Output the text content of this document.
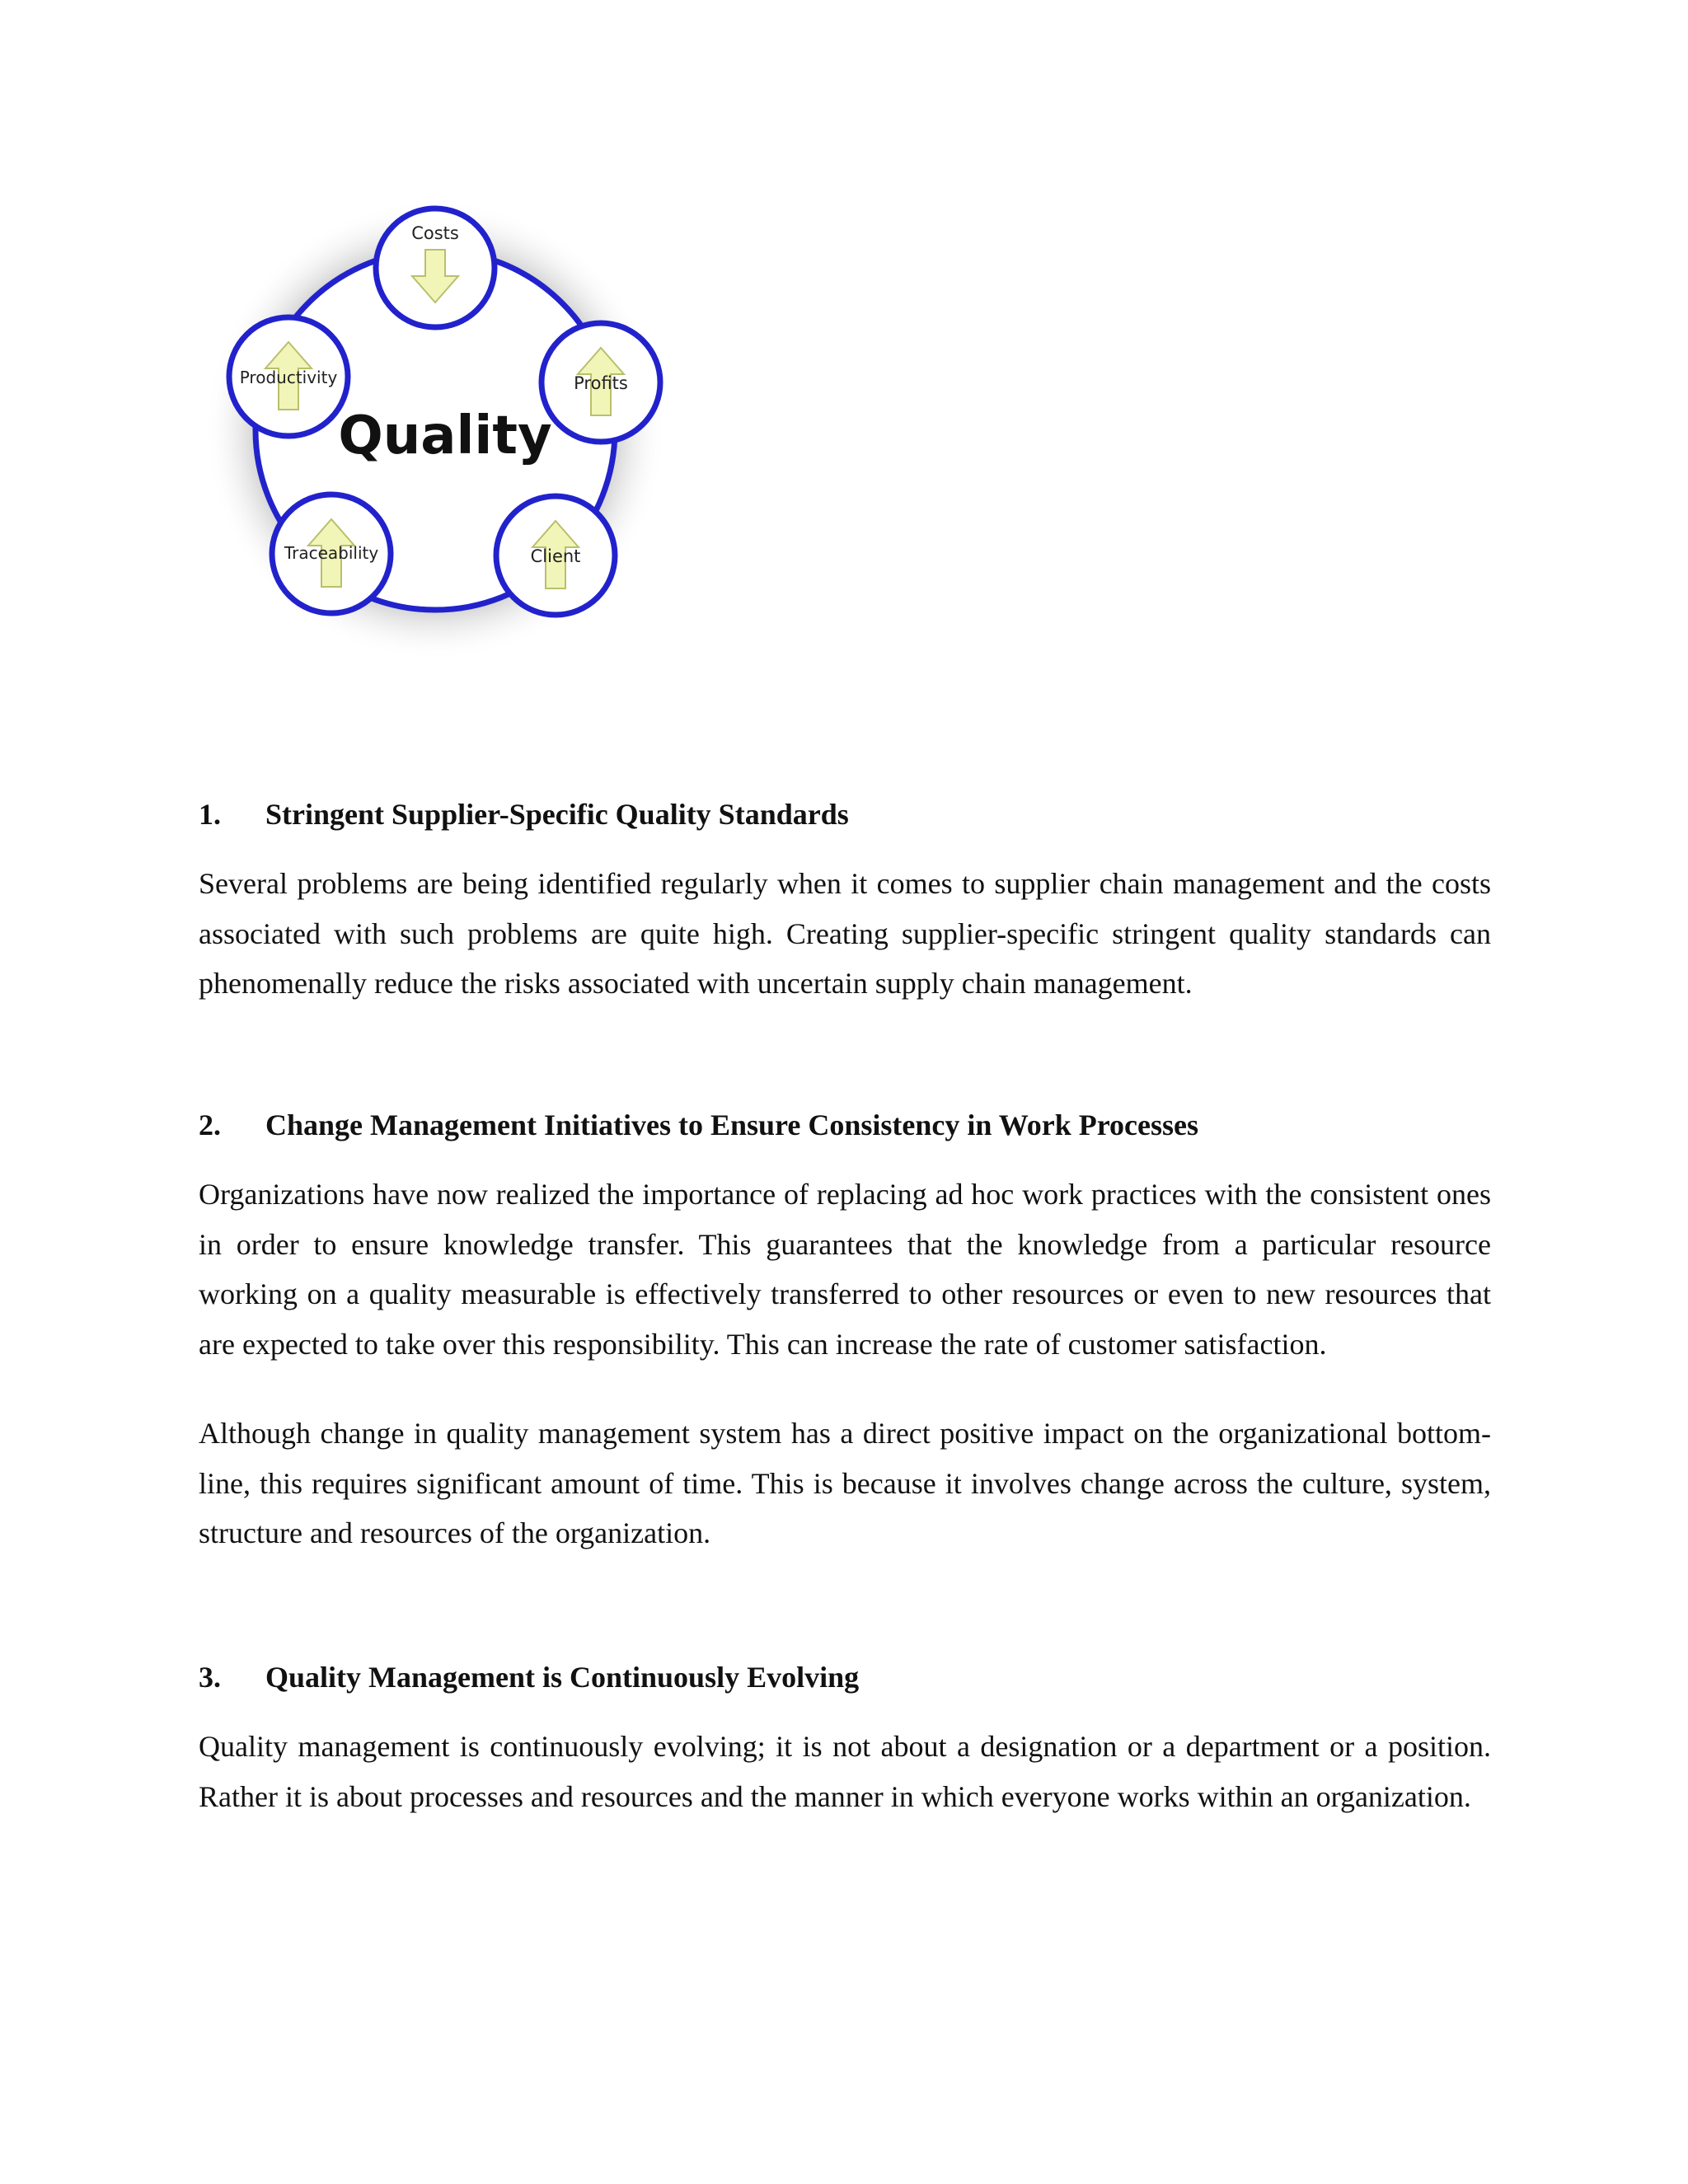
Quality
Costs
Profits
Client
Traceability
Productivity
1.	Stringent Supplier-Specific Quality Standards

Several problems are being identified regularly when it comes to supplier chain management and the costs associated with such problems are quite high. Creating supplier-specific stringent quality standards can phenomenally reduce the risks associated with uncertain supply chain management.

2.	Change Management Initiatives to Ensure Consistency in Work Processes

Organizations have now realized the importance of replacing ad hoc work practices with the consistent ones in order to ensure knowledge transfer. This guarantees that the knowledge from a particular resource working on a quality measurable is effectively transferred to other resources or even to new resources that are expected to take over this responsibility. This can increase the rate of customer satisfaction.

Although change in quality management system has a direct positive impact on the organizational bottom-line, this requires significant amount of time. This is because it involves change across the culture, system, structure and resources of the organization.

3.	Quality Management is Continuously Evolving

Quality management is continuously evolving; it is not about a designation or a department or a position. Rather it is about processes and resources and the manner in which everyone works within an organization.
